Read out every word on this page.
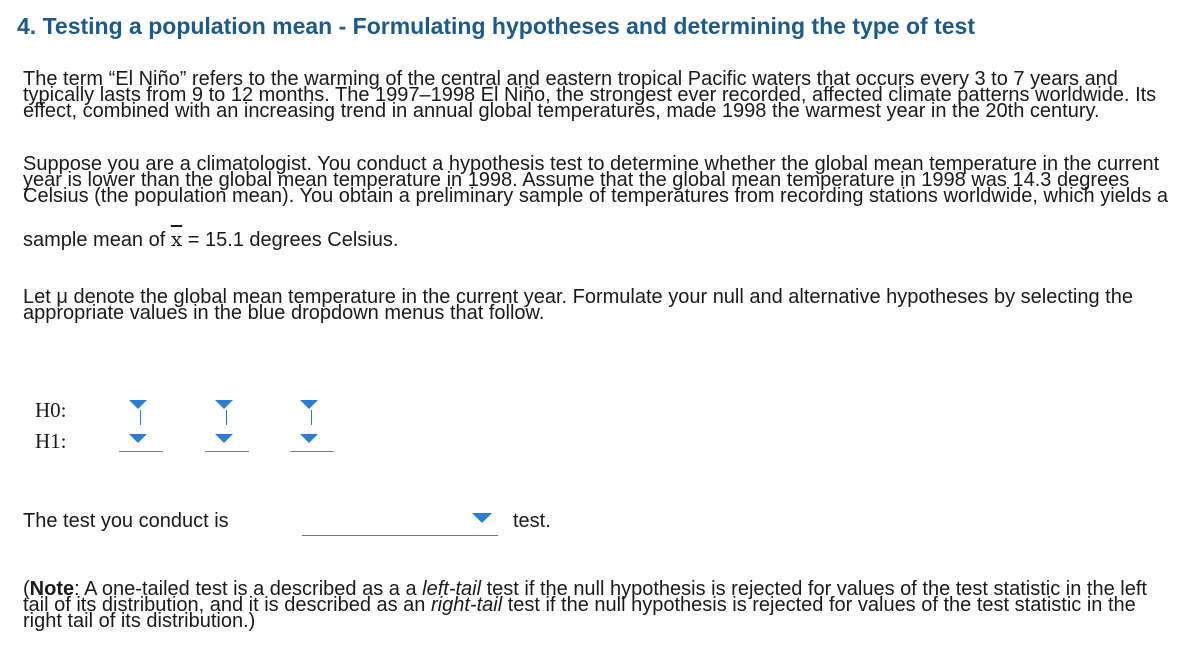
4. Testing a population mean - Formulating hypotheses and determining the type of test
The term “El Niño” refers to the warming of the central and eastern tropical Pacific waters that occurs every 3 to 7 years and typically lasts from 9 to 12 months. The 1997–1998 El Niño, the strongest ever recorded, affected climate patterns worldwide. Its effect, combined with an increasing trend in annual global temperatures, made 1998 the warmest year in the 20th century.
Suppose you are a climatologist. You conduct a hypothesis test to determine whether the global mean temperature in the current year is lower than the global mean temperature in 1998. Assume that the global mean temperature in 1998 was 14.3 degrees Celsius (the population mean). You obtain a preliminary sample of temperatures from recording stations worldwide, which yields a
sample mean of $\overline{x} = 15.1$ degrees Celsius.
Let μ denote the global mean temperature in the current year. Formulate your null and alternative hypotheses by selecting the appropriate values in the blue dropdown menus that follow.
H0:
H1:
The test you conduct is	test.
(Note: A one-tailed test is a described as a a left-tail test if the null hypothesis is rejected for values of the test statistic in the left tail of its distribution, and it is described as an right-tail test if the null hypothesis is rejected for values of the test statistic in the right tail of its distribution.)
